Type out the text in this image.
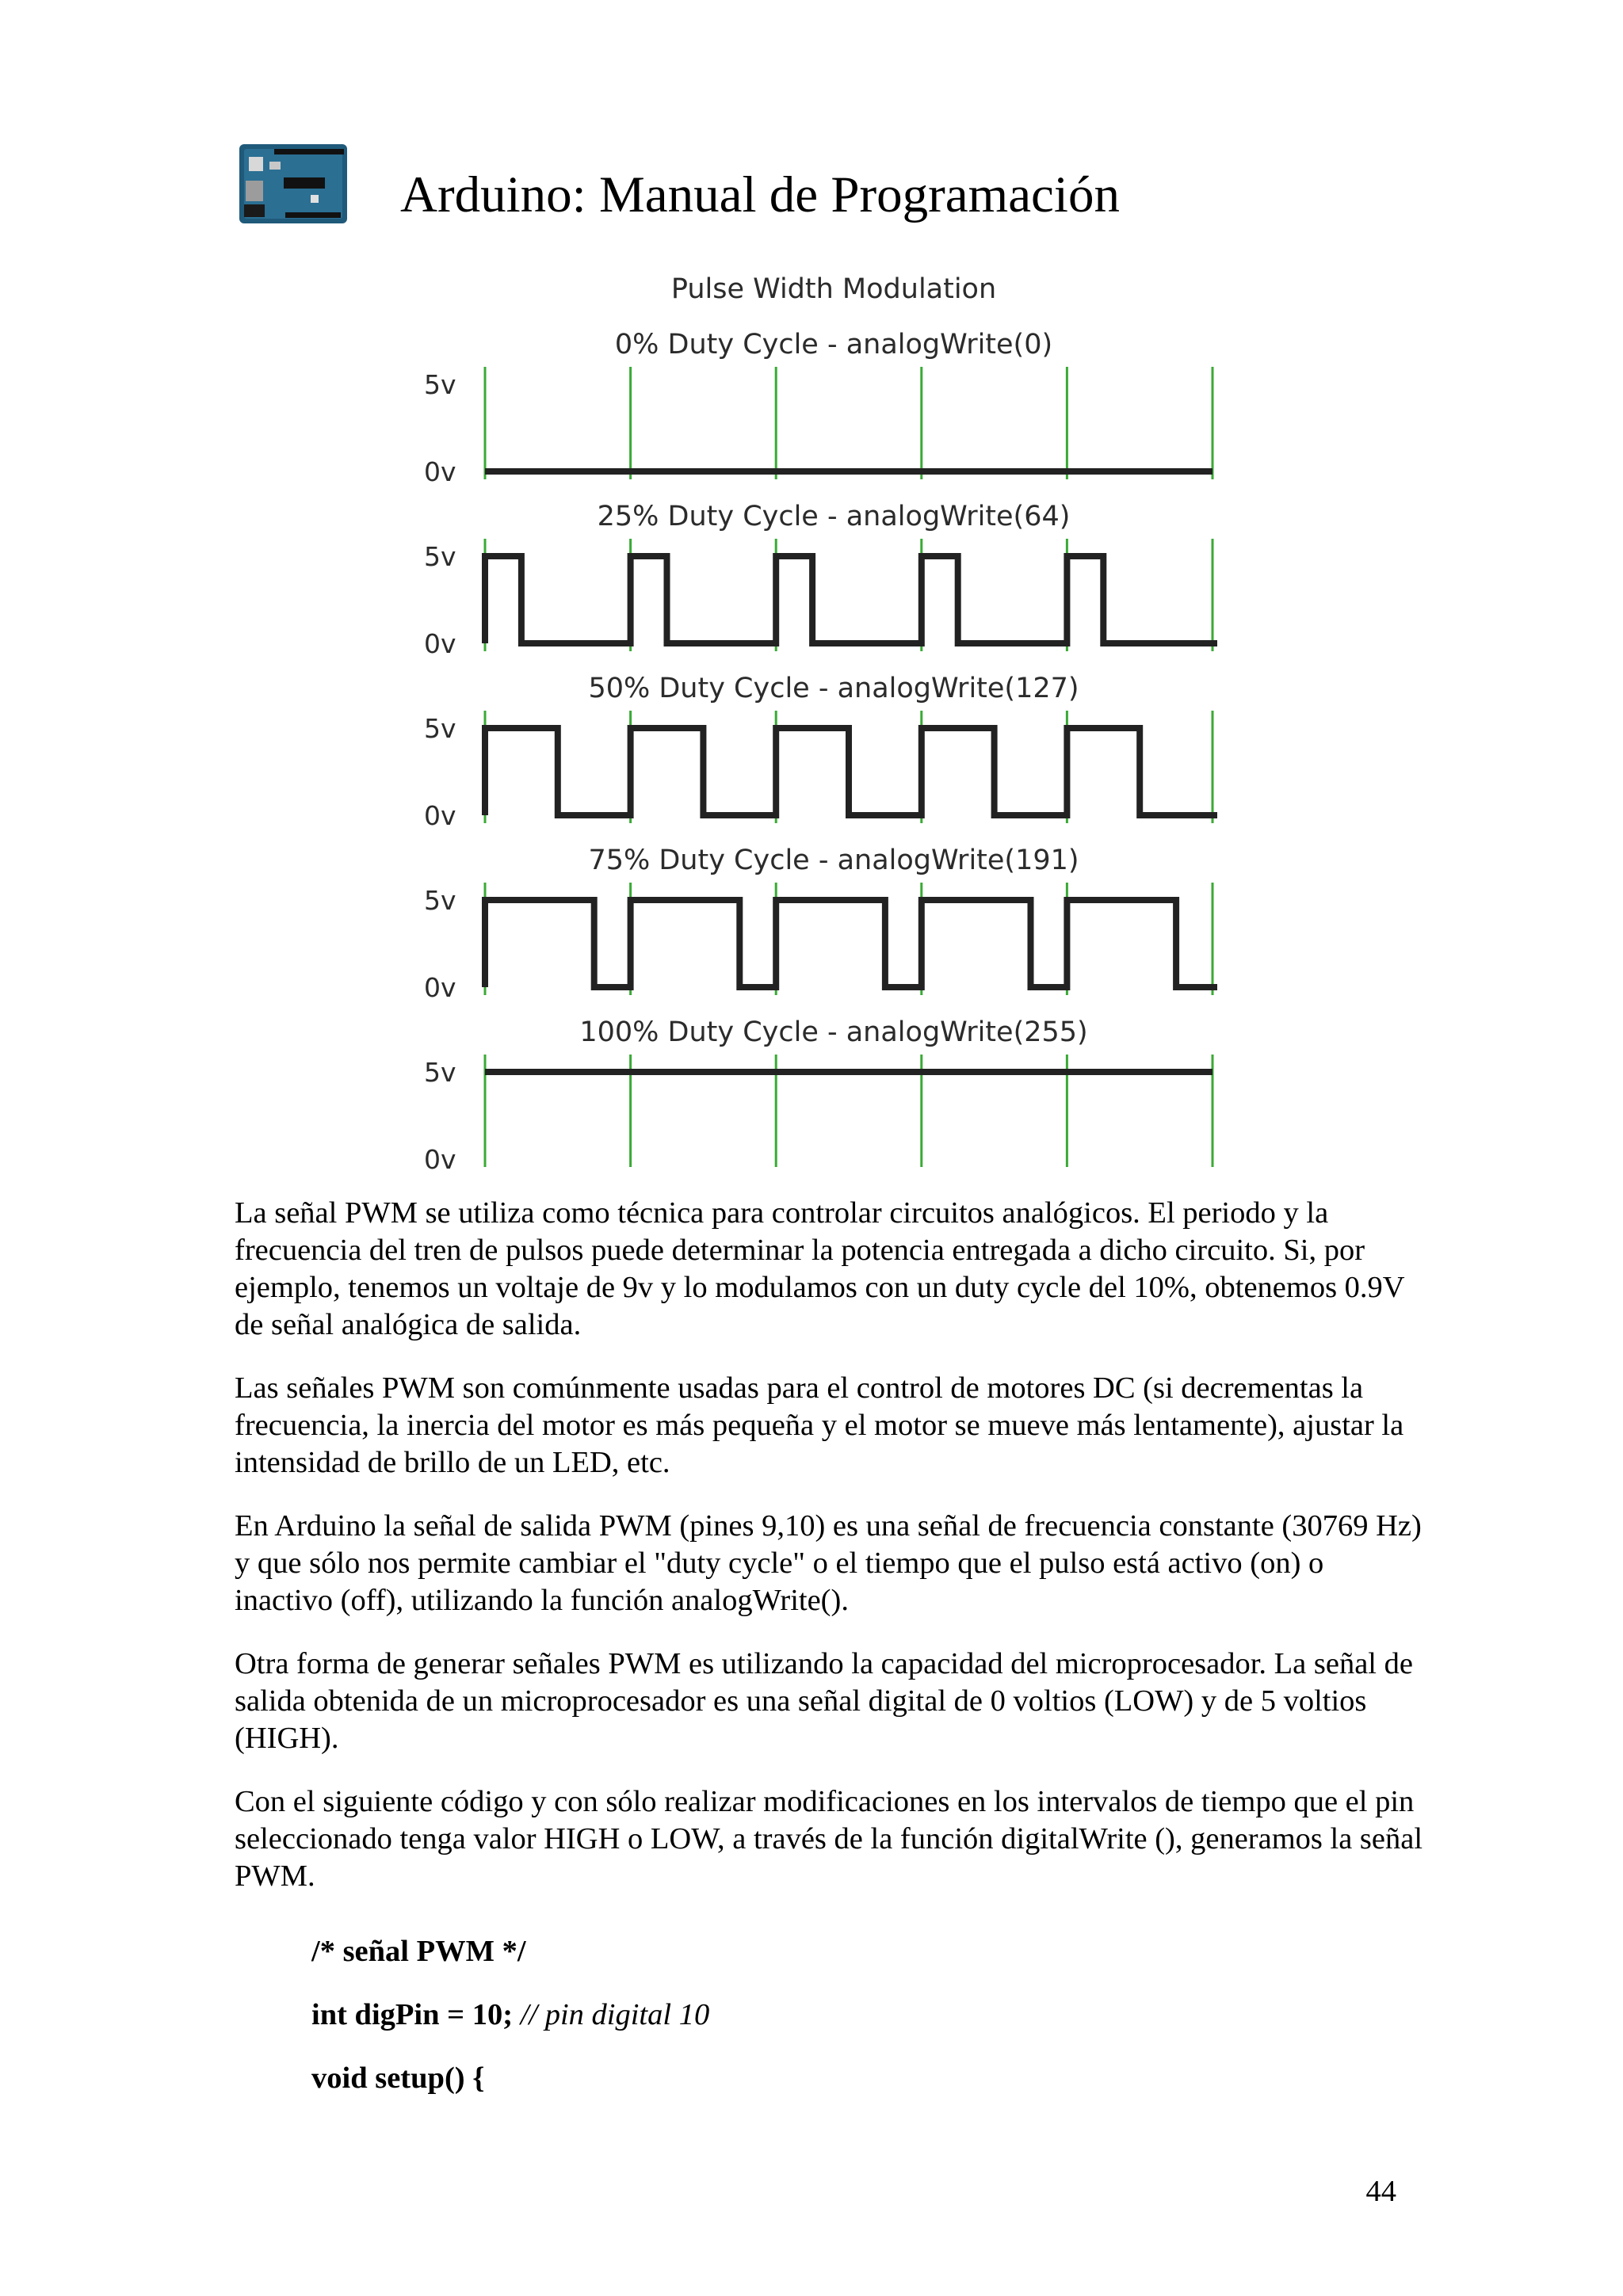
Arduino: Manual de Programación
Pulse Width Modulation
0% Duty Cycle - analogWrite(0)
5v
0v
25% Duty Cycle - analogWrite(64)
5v
0v
50% Duty Cycle - analogWrite(127)
5v
0v
75% Duty Cycle - analogWrite(191)
5v
0v
100% Duty Cycle - analogWrite(255)
5v
0v

La señal PWM se utiliza como técnica para controlar circuitos analógicos. El periodo y la frecuencia del tren de pulsos puede determinar la potencia entregada a dicho circuito. Si, por ejemplo, tenemos un voltaje de 9v y lo modulamos con un duty cycle del 10%, obtenemos 0.9V de señal analógica de salida.

Las señales PWM son comúnmente usadas para el control de motores DC (si decrementas la frecuencia, la inercia del motor es más pequeña y el motor se mueve más lentamente), ajustar la intensidad de brillo de un LED, etc.

En Arduino la señal de salida PWM (pines 9,10) es una señal de frecuencia constante (30769 Hz) y que sólo nos permite cambiar el "duty cycle" o el tiempo que el pulso está activo (on) o inactivo (off), utilizando la función analogWrite().

Otra forma de generar señales PWM es utilizando la capacidad del microprocesador. La señal de salida obtenida de un microprocesador es una señal digital de 0 voltios (LOW) y de 5 voltios (HIGH).

Con el siguiente código y con sólo realizar modificaciones en los intervalos de tiempo que el pin seleccionado tenga valor HIGH o LOW, a través de la función digitalWrite (), generamos la señal PWM.

/* señal PWM */
int digPin = 10; // pin digital 10
void setup() {
44
